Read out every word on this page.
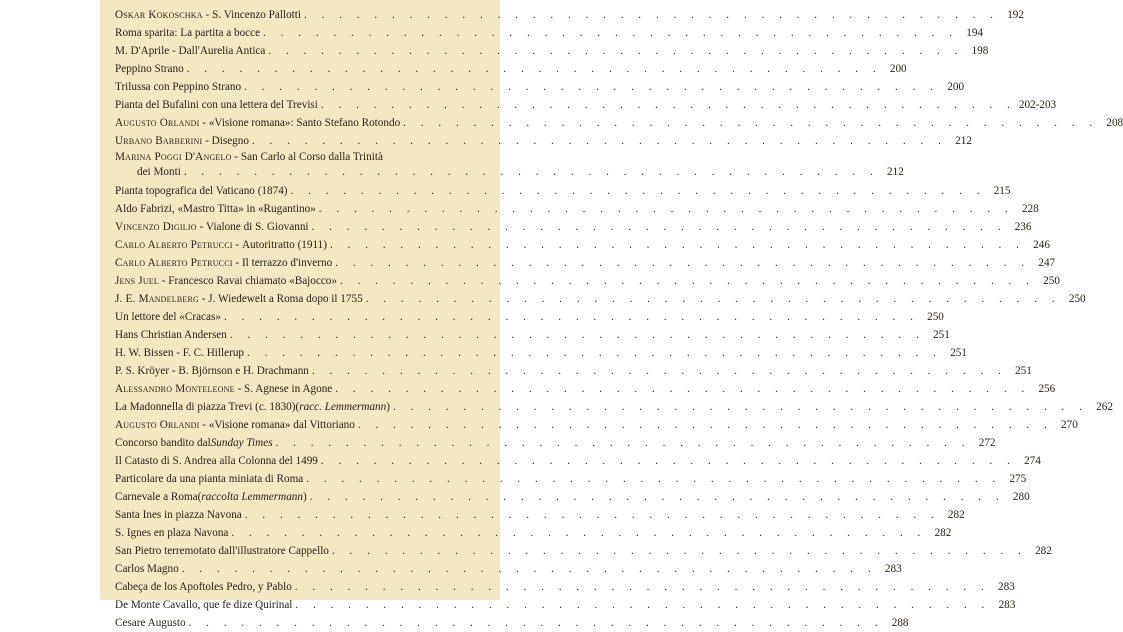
Oskar Kokoschka - S. Vincenzo Pallotti . . . . . . . . . . . . . . . . . . . . . . . . . . . . . . . . . . . . . . . . 192
Roma sparita: La partita a bocce . . . . . . . . . . . . . . . . . . . . . . . . . . . . . . . . . . . . . . . . 194
M. D'Aprile - Dall'Aurelia Antica . . . . . . . . . . . . . . . . . . . . . . . . . . . . . . . . . . . . . . . . 198
Peppino Strano . . . . . . . . . . . . . . . . . . . . . . . . . . . . . . . . . . . . . . . . 200
Trilussa con Peppino Strano . . . . . . . . . . . . . . . . . . . . . . . . . . . . . . . . . . . . . . . . 200
Pianta del Bufalini con una lettera del Trevisi . . . . . . . . . . . . . . . . . . . . . . . . . . . . . . . . . . . . . . . . 202-203
Augusto Orlandi - «Visione romana»: Santo Stefano Rotondo . . . . . . . . . . . . . . . . . . . . . . . . . . . . . . . . . . . . . . . . 208
Urbano Barberini - Disegno . . . . . . . . . . . . . . . . . . . . . . . . . . . . . . . . . . . . . . . . 212
Marina Poggi D'Angelo - San Carlo al Corso dalla Trinità
dei Monti . . . . . . . . . . . . . . . . . . . . . . . . . . . . . . . . . . . . . . . . 212
Pianta topografica del Vaticano (1874) . . . . . . . . . . . . . . . . . . . . . . . . . . . . . . . . . . . . . . . . 215
Aldo Fabrizi, «Mastro Titta» in «Rugantino» . . . . . . . . . . . . . . . . . . . . . . . . . . . . . . . . . . . . . . . . 228
Vincenzo Digilio - Vialone di S. Giovanni . . . . . . . . . . . . . . . . . . . . . . . . . . . . . . . . . . . . . . . . 236
Carlo Alberto Petrucci - Autoritratto (1911) . . . . . . . . . . . . . . . . . . . . . . . . . . . . . . . . . . . . . . . . 246
Carlo Alberto Petrucci - Il terrazzo d'inverno . . . . . . . . . . . . . . . . . . . . . . . . . . . . . . . . . . . . . . . . 247
Jens Juel - Francesco Ravai chiamato «Bajocco» . . . . . . . . . . . . . . . . . . . . . . . . . . . . . . . . . . . . . . . . 250
J. E. Mandelberg - J. Wiedewelt a Roma dopo il 1755 . . . . . . . . . . . . . . . . . . . . . . . . . . . . . . . . . . . . . . . . 250
Un lettore del «Cracas» . . . . . . . . . . . . . . . . . . . . . . . . . . . . . . . . . . . . . . . . 250
Hans Christian Andersen . . . . . . . . . . . . . . . . . . . . . . . . . . . . . . . . . . . . . . . . 251
H. W. Bissen - F. C. Hillerup . . . . . . . . . . . . . . . . . . . . . . . . . . . . . . . . . . . . . . . . 251
P. S. Kröyer - B. Björnson e H. Drachmann . . . . . . . . . . . . . . . . . . . . . . . . . . . . . . . . . . . . . . . . 251
Alessandro Monteleone - S. Agnese in Agone . . . . . . . . . . . . . . . . . . . . . . . . . . . . . . . . . . . . . . . . 256
La Madonnella di piazza Trevi (c. 1830) ( racc. Lemmermann ) . . . . . . . . . . . . . . . . . . . . . . . . . . . . . . . . . . . . . . . . 262
Augusto Orlandi - «Visione romana» dal Vittoriano . . . . . . . . . . . . . . . . . . . . . . . . . . . . . . . . . . . . . . . . 270
Concorso bandito dal Sunday Times . . . . . . . . . . . . . . . . . . . . . . . . . . . . . . . . . . . . . . . . 272
Il Catasto di S. Andrea alla Colonna del 1499 . . . . . . . . . . . . . . . . . . . . . . . . . . . . . . . . . . . . . . . . 274
Particolare da una pianta miniata di Roma . . . . . . . . . . . . . . . . . . . . . . . . . . . . . . . . . . . . . . . . 275
Carnevale a Roma ( raccolta Lemmermann ) . . . . . . . . . . . . . . . . . . . . . . . . . . . . . . . . . . . . . . . . 280
Santa Ines in piazza Navona . . . . . . . . . . . . . . . . . . . . . . . . . . . . . . . . . . . . . . . . 282
S. Ignes en plaza Navona . . . . . . . . . . . . . . . . . . . . . . . . . . . . . . . . . . . . . . . . 282
San Pietro terremotato dall'illustratore Cappello . . . . . . . . . . . . . . . . . . . . . . . . . . . . . . . . . . . . . . . . 282
Carlos Magno . . . . . . . . . . . . . . . . . . . . . . . . . . . . . . . . . . . . . . . . 283
Cabeça de los Apoftoles Pedro, y Pablo . . . . . . . . . . . . . . . . . . . . . . . . . . . . . . . . . . . . . . . . 283
De Monte Cavallo, que fe dize Quirinal . . . . . . . . . . . . . . . . . . . . . . . . . . . . . . . . . . . . . . . . 283
Cesare Augusto . . . . . . . . . . . . . . . . . . . . . . . . . . . . . . . . . . . . . . . . 288
